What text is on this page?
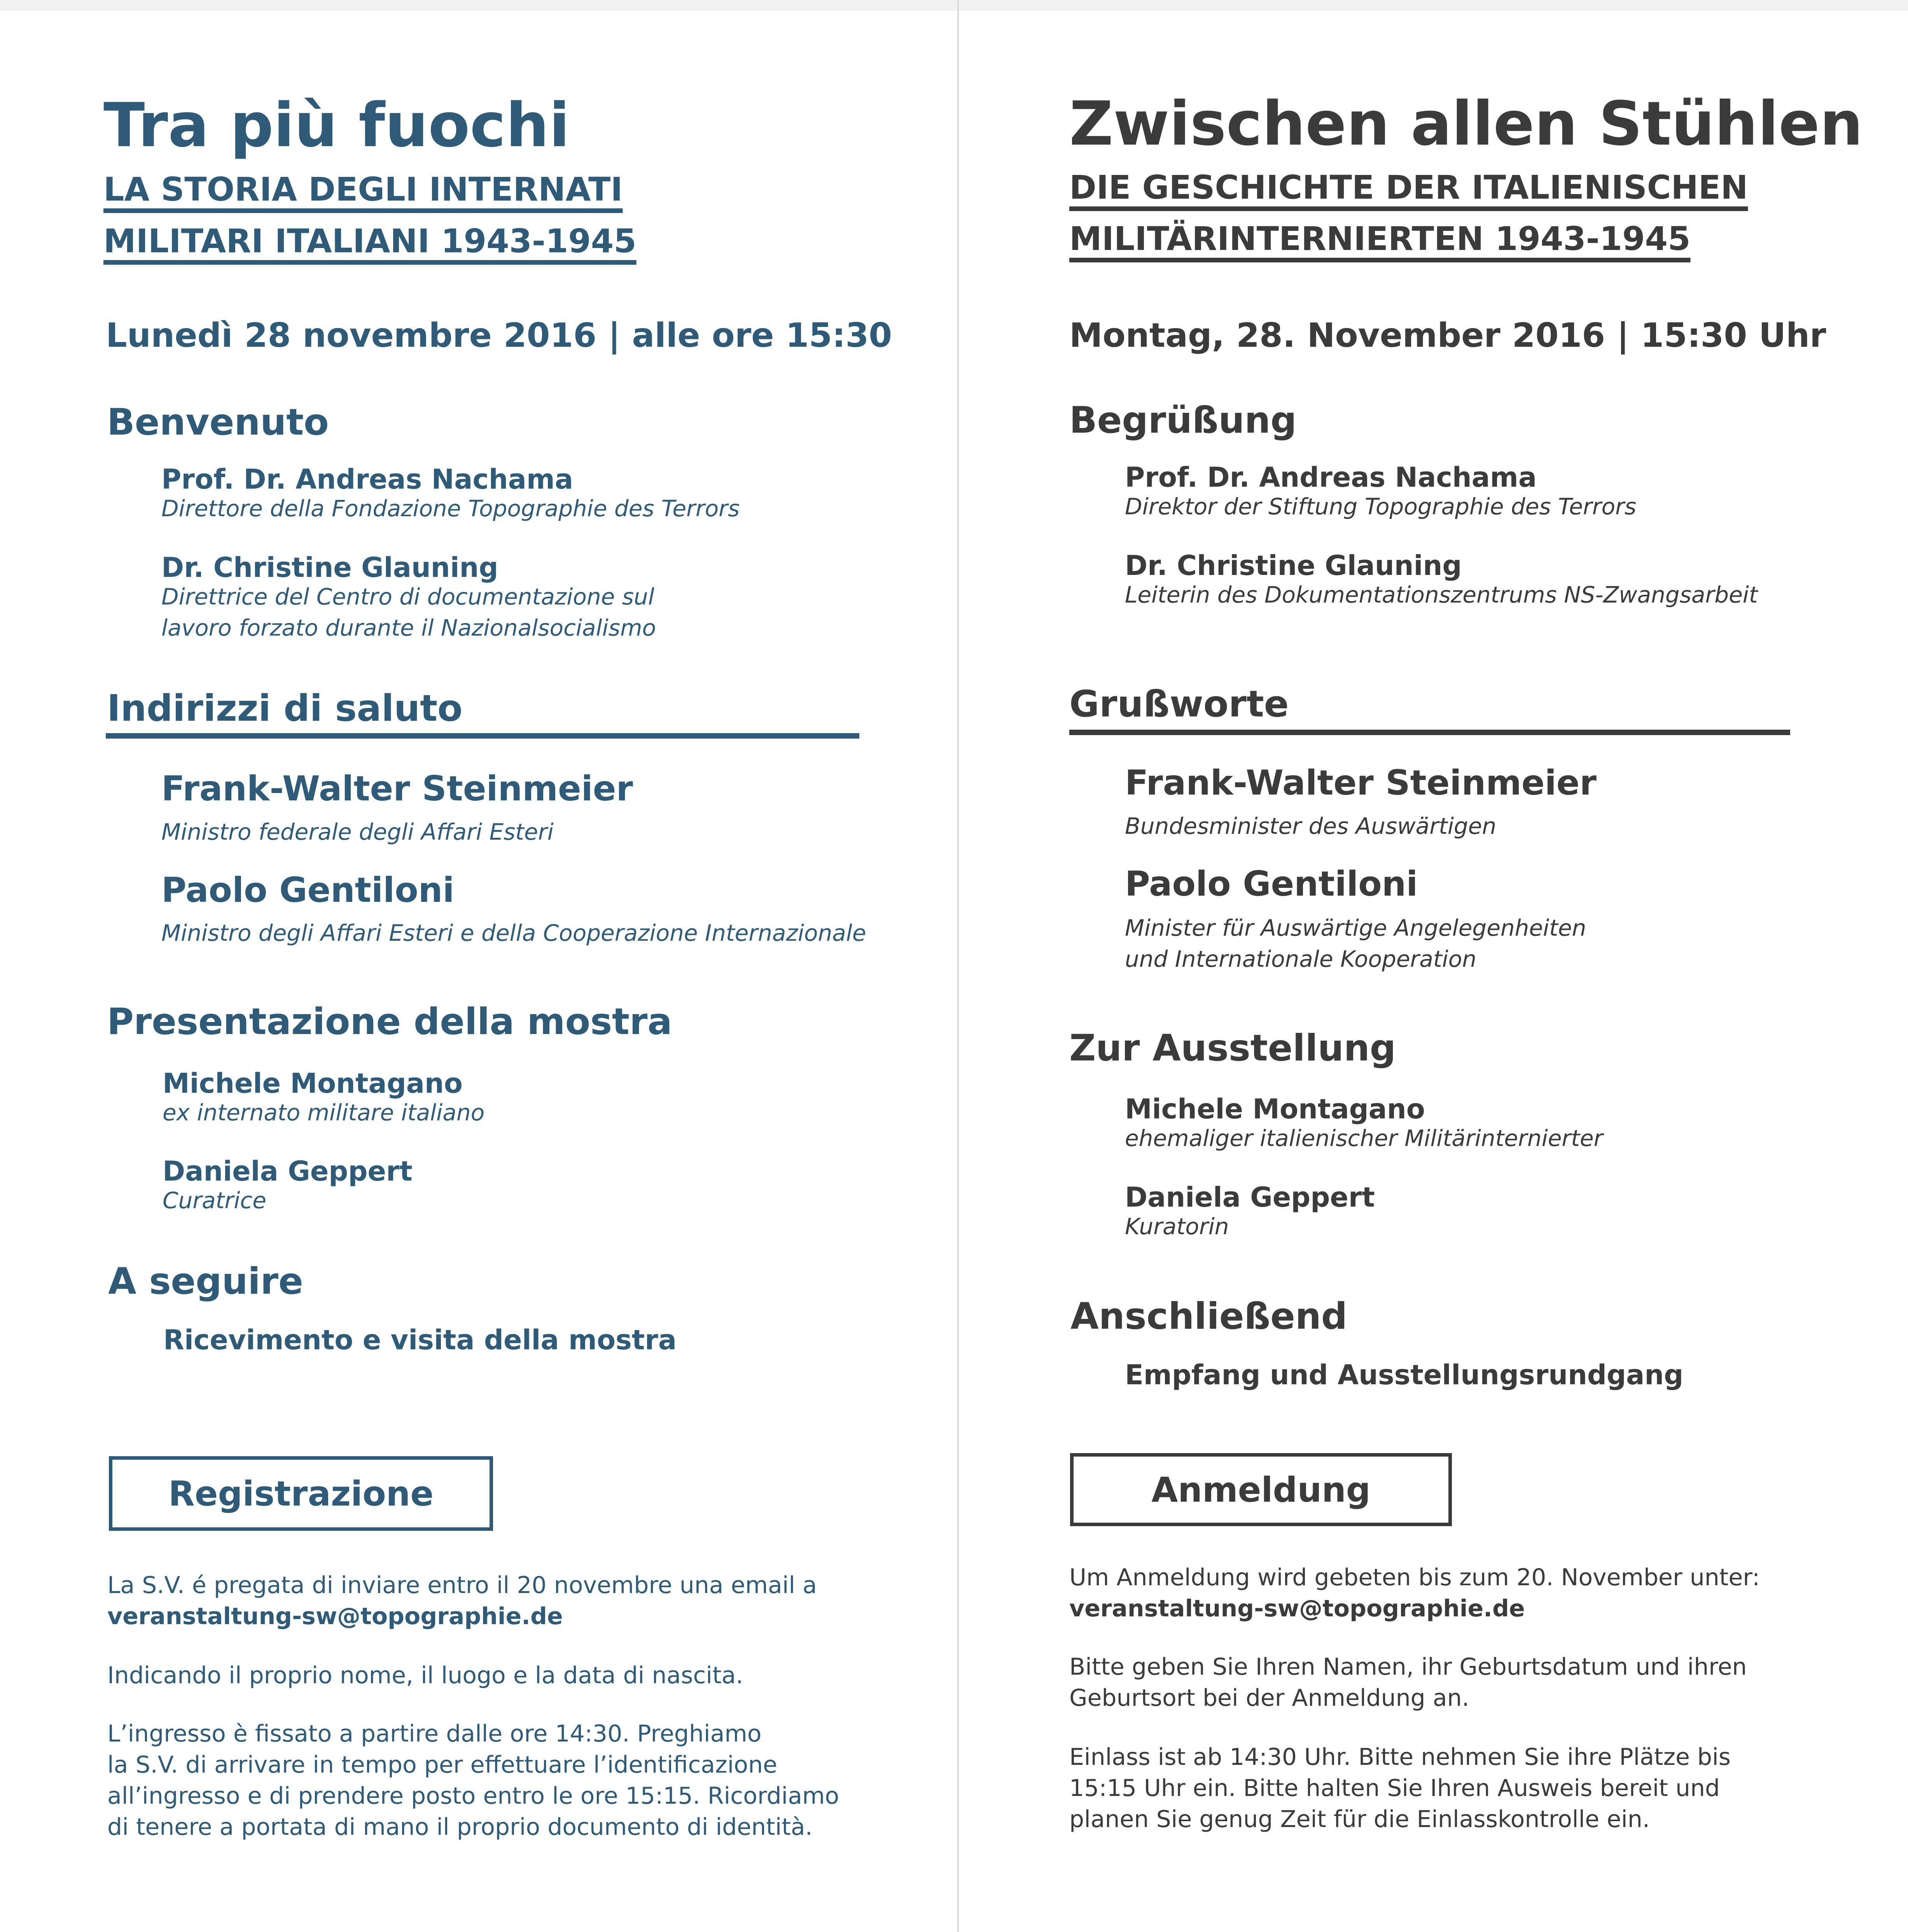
Tra più fuochi
LA STORIA DEGLI INTERNATI
MILITARI ITALIANI 1943-1945
Lunedì 28 novembre 2016 | alle ore 15:30
Benvenuto
Prof. Dr. Andreas Nachama
Direttore della Fondazione Topographie des Terrors
Dr. Christine Glauning
Direttrice del Centro di documentazione sul
lavoro forzato durante il Nazionalsocialismo
Indirizzi di saluto
Frank-Walter Steinmeier
Ministro federale degli Affari Esteri
Paolo Gentiloni
Ministro degli Affari Esteri e della Cooperazione Internazionale
Presentazione della mostra
Michele Montagano
ex internato militare italiano
Daniela Geppert
Curatrice
A seguire
Ricevimento e visita della mostra
Registrazione
La S.V. é pregata di inviare entro il 20 novembre una email a
veranstaltung-sw@topographie.de
Indicando il proprio nome, il luogo e la data di nascita.
L’ingresso è fissato a partire dalle ore 14:30. Preghiamo
la S.V. di arrivare in tempo per effettuare l’identificazione
all’ingresso e di prendere posto entro le ore 15:15. Ricordiamo
di tenere a portata di mano il proprio documento di identità.
Zwischen allen Stühlen
DIE GESCHICHTE DER ITALIENISCHEN
MILITÄRINTERNIERTEN 1943-1945
Montag, 28. November 2016 | 15:30 Uhr
Begrüßung
Prof. Dr. Andreas Nachama
Direktor der Stiftung Topographie des Terrors
Dr. Christine Glauning
Leiterin des Dokumentationszentrums NS-Zwangsarbeit
Grußworte
Frank-Walter Steinmeier
Bundesminister des Auswärtigen
Paolo Gentiloni
Minister für Auswärtige Angelegenheiten
und Internationale Kooperation
Zur Ausstellung
Michele Montagano
ehemaliger italienischer Militärinternierter
Daniela Geppert
Kuratorin
Anschließend
Empfang und Ausstellungsrundgang
Anmeldung
Um Anmeldung wird gebeten bis zum 20. November unter:
veranstaltung-sw@topographie.de
Bitte geben Sie Ihren Namen, ihr Geburtsdatum und ihren
Geburtsort bei der Anmeldung an.
Einlass ist ab 14:30 Uhr. Bitte nehmen Sie ihre Plätze bis
15:15 Uhr ein. Bitte halten Sie Ihren Ausweis bereit und
planen Sie genug Zeit für die Einlasskontrolle ein.
